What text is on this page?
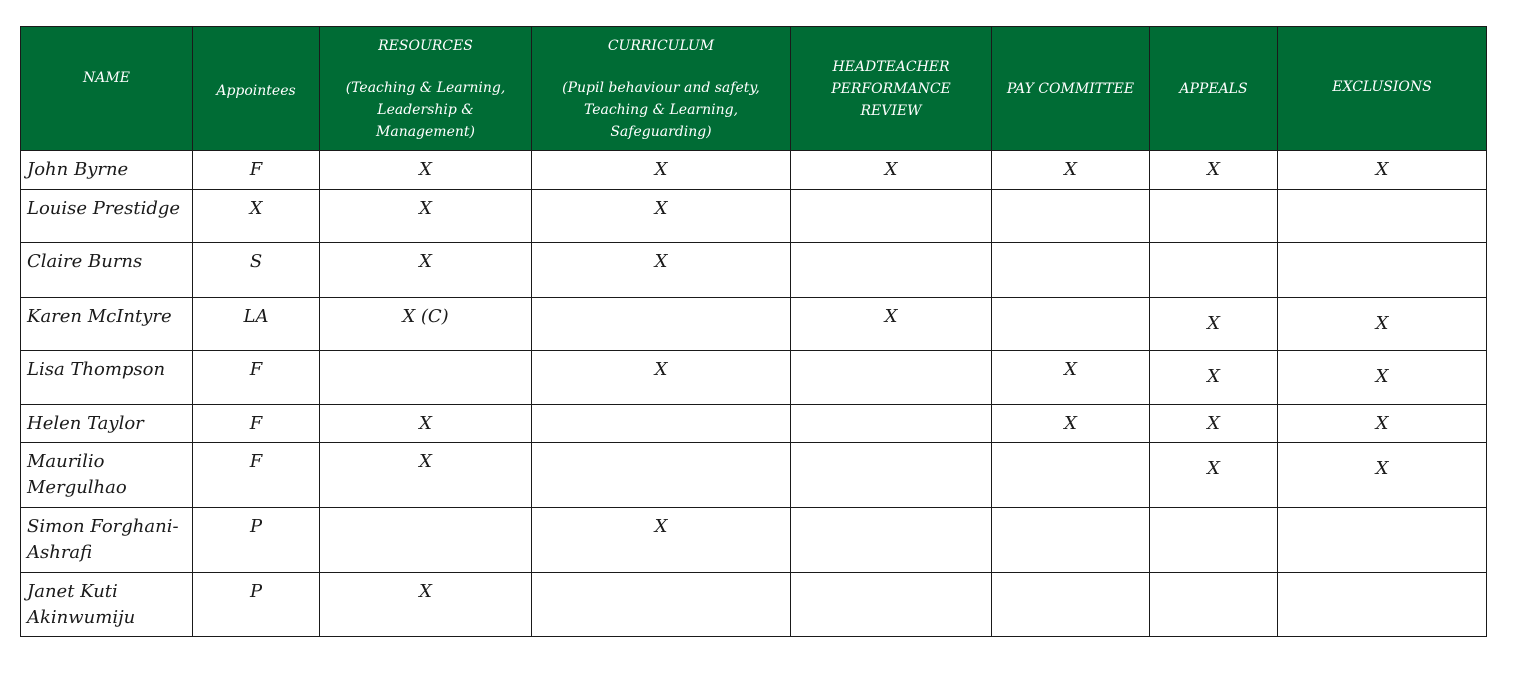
NAME	Appointees	RESOURCES
(Teaching & Learning,
Leadership &
Management)	CURRICULUM
(Pupil behaviour and safety,
Teaching & Learning,
Safeguarding)	HEADTEACHER
PERFORMANCE
REVIEW	PAY COMMITTEE	APPEALS	EXCLUSIONS

John Byrne	F	X	X	X	X	X	X
Louise Prestidge	X	X	X				
Claire Burns	S	X	X				
Karen McIntyre	LA	X (C)		X		X	X

Lisa Thompson	F		X		X	X	X

Helen Taylor	F	X			X	X	X
Maurilio Mergulhao	F	X				X	X

Simon Forghani-Ashrafi	P		X				
Janet Kuti Akinwumiju	P	X					
